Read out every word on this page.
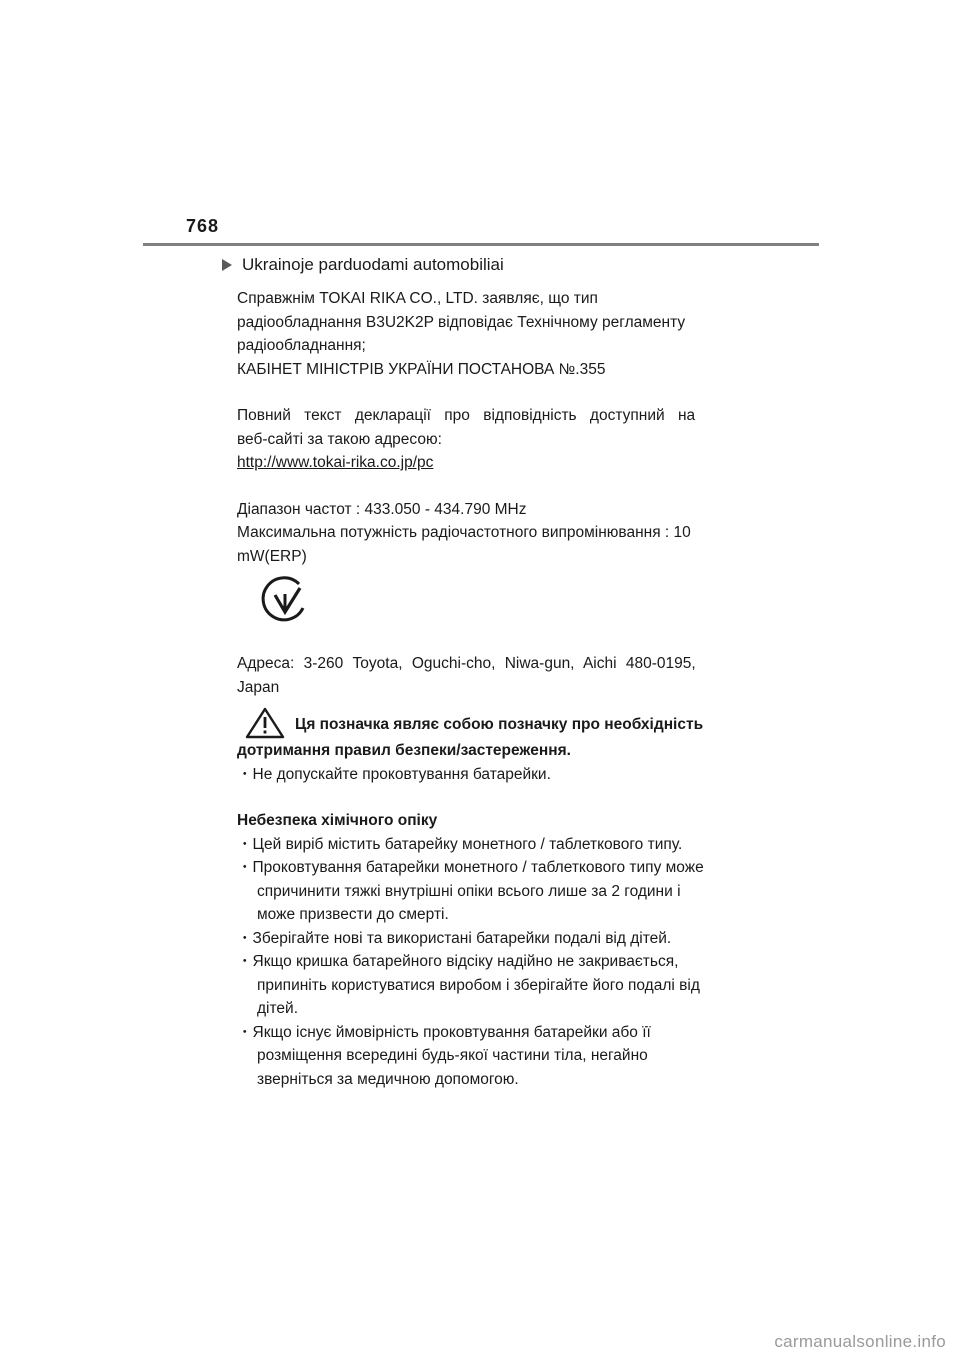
768
Ukrainoje parduodami automobiliai

Справжнім TOKAI RIKA CO., LTD. заявляє, що тип

радіообладнання B3U2K2P відповідає Технічному регламенту

радіообладнання;

КАБІНЕТ МІНІСТРІВ УКРАЇНИ ПОСТАНОВА №.355

Повний текст декларації про відповідність доступний на

веб-сайті за такою адресою:

http://www.tokai-rika.co.jp/pc

Діапазон частот : 433.050 - 434.790 MHz

Максимальна потужність радіочастотного випромінювання : 10

mW(ERP)

Адреса: 3-260 Toyota, Oguchi-cho, Niwa-gun, Aichi 480-0195,

Japan

Ця позначка являє собою позначку про необхідність

дотримання правил безпеки/застереження.

・Не допускайте проковтування батарейки.

Небезпека хімічного опіку

・Цей виріб містить батарейку монетного / таблеткового типу.

・Проковтування батарейки монетного / таблеткового типу може

спричинити тяжкі внутрішні опіки всього лише за 2 години і

може призвести до смерті.

・Зберігайте нові та використані батарейки подалі від дітей.

・Якщо кришка батарейного відсіку надійно не закривається,

припиніть користуватися виробом і зберігайте його подалі від

дітей.

・Якщо існує ймовірність проковтування батарейки або її

розміщення всередині будь-якої частини тіла, негайно

зверніться за медичною допомогою.

carmanualsonline.info
